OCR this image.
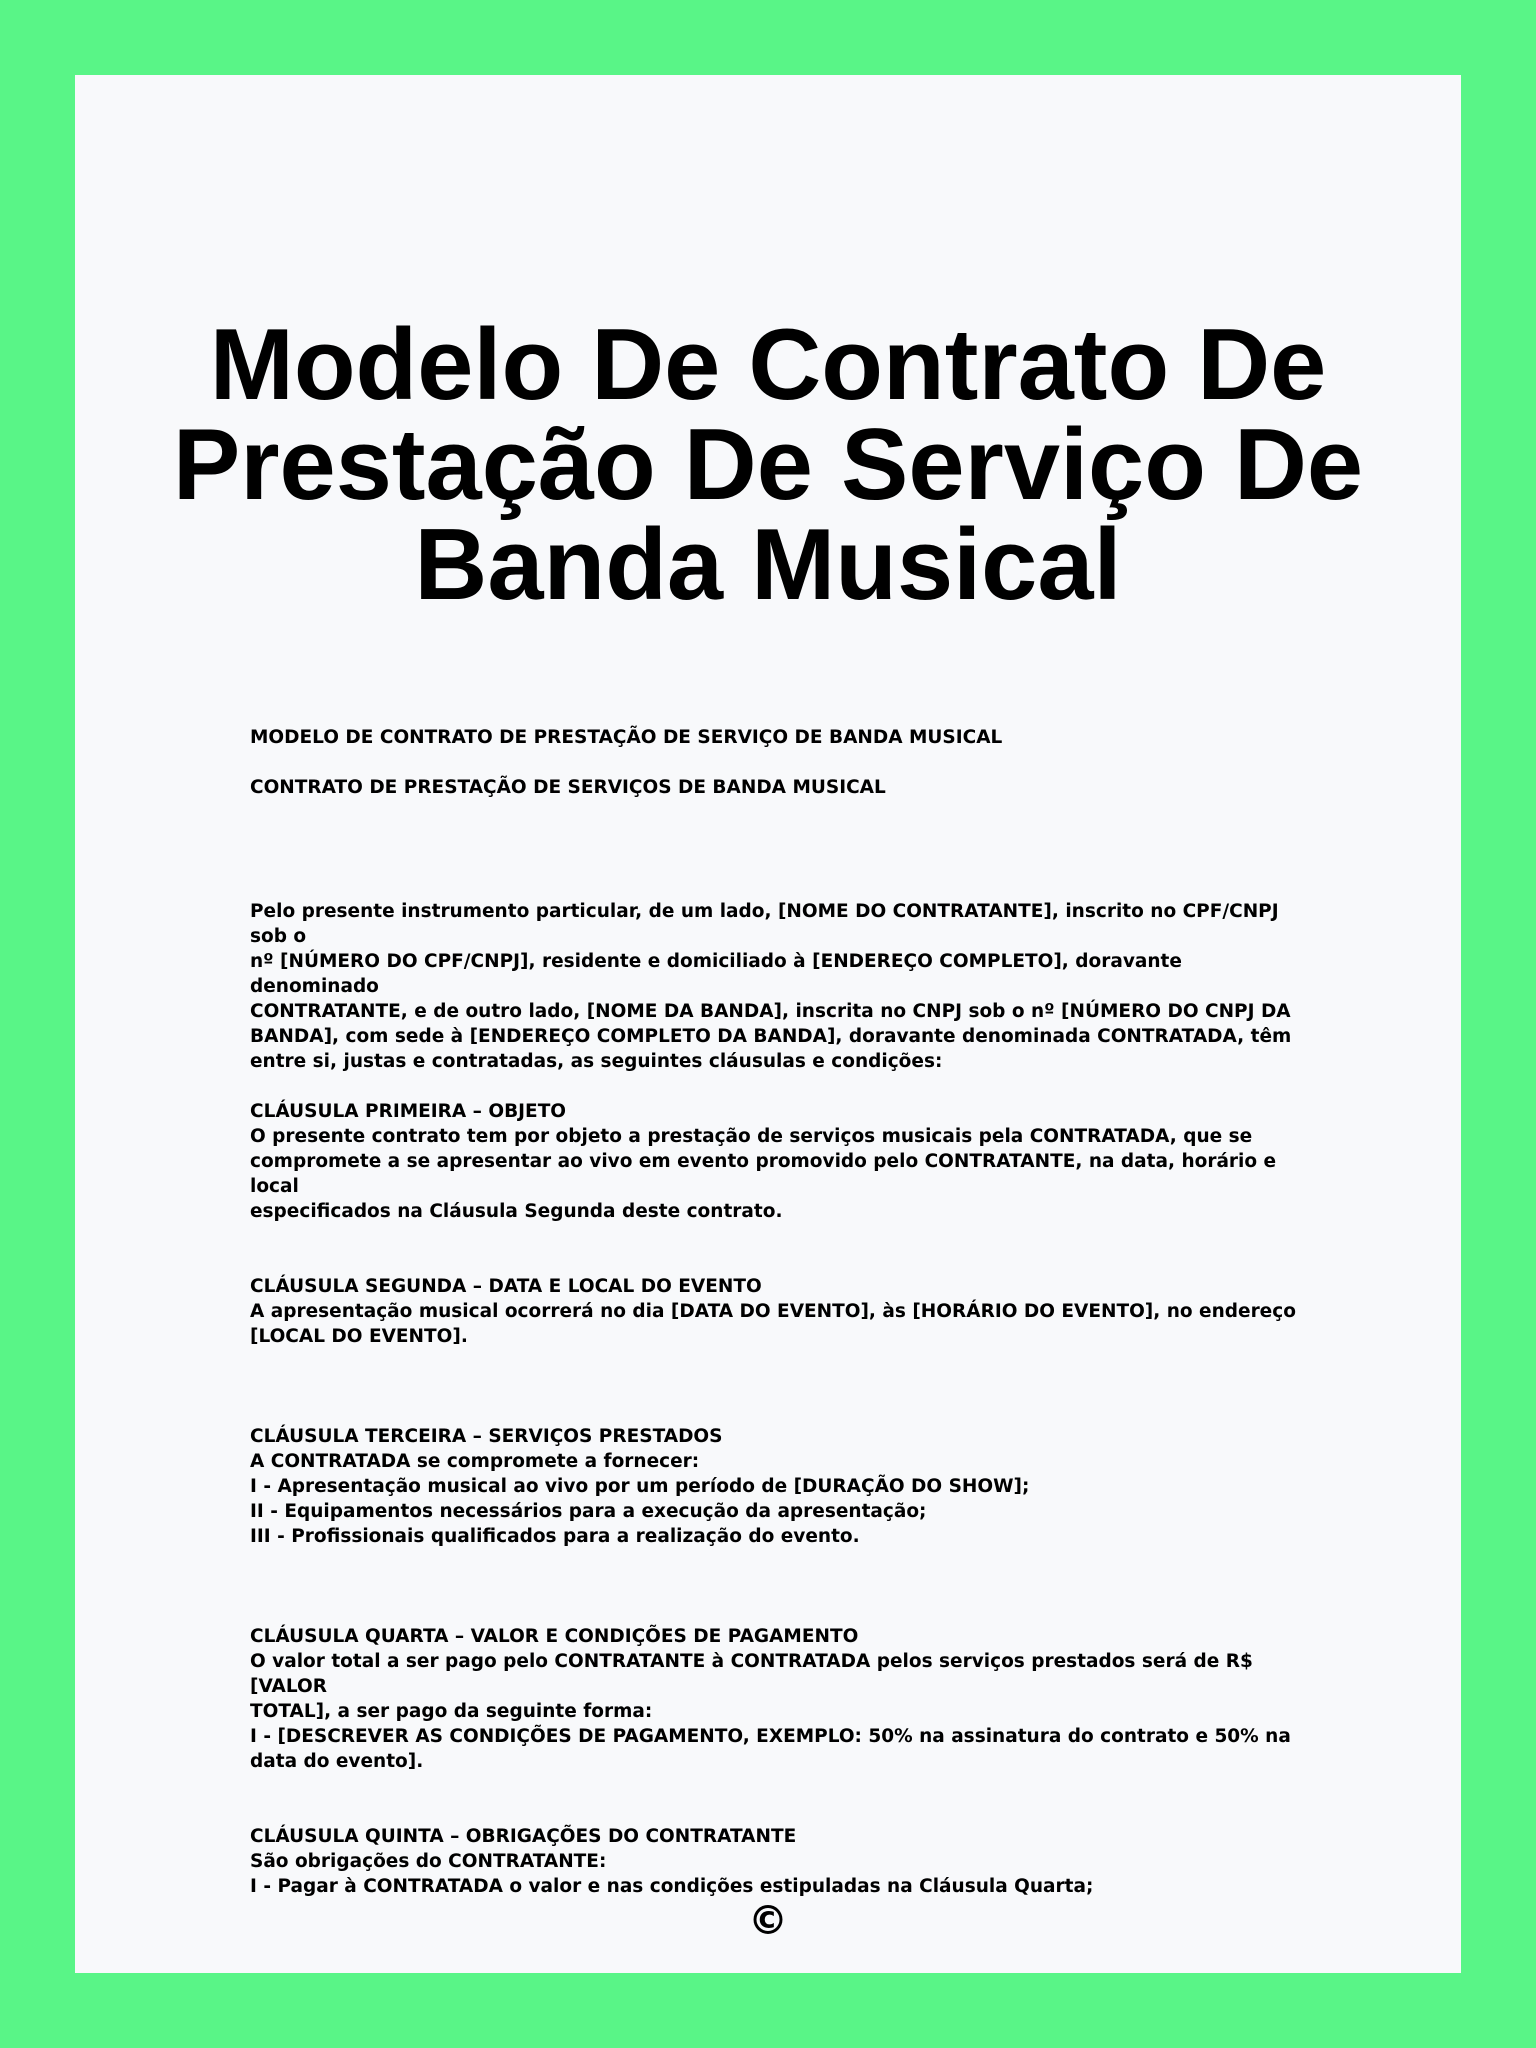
Modelo De Contrato De Prestação De Serviço De Banda Musical

MODELO DE CONTRATO DE PRESTAÇÃO DE SERVIÇO DE BANDA MUSICAL

CONTRATO DE PRESTAÇÃO DE SERVIÇOS DE BANDA MUSICAL

Pelo presente instrumento particular, de um lado, [NOME DO CONTRATANTE], inscrito no CPF/CNPJ sob o
nº [NÚMERO DO CPF/CNPJ], residente e domiciliado à [ENDEREÇO COMPLETO], doravante denominado
CONTRATANTE, e de outro lado, [NOME DA BANDA], inscrita no CNPJ sob o nº [NÚMERO DO CNPJ DA
BANDA], com sede à [ENDEREÇO COMPLETO DA BANDA], doravante denominada CONTRATADA, têm
entre si, justas e contratadas, as seguintes cláusulas e condições:
CLÁUSULA PRIMEIRA – OBJETO
O presente contrato tem por objeto a prestação de serviços musicais pela CONTRATADA, que se
compromete a se apresentar ao vivo em evento promovido pelo CONTRATANTE, na data, horário e local
especificados na Cláusula Segunda deste contrato.
CLÁUSULA SEGUNDA – DATA E LOCAL DO EVENTO
A apresentação musical ocorrerá no dia [DATA DO EVENTO], às [HORÁRIO DO EVENTO], no endereço
[LOCAL DO EVENTO].
CLÁUSULA TERCEIRA – SERVIÇOS PRESTADOS
A CONTRATADA se compromete a fornecer:
I - Apresentação musical ao vivo por um período de [DURAÇÃO DO SHOW];
II - Equipamentos necessários para a execução da apresentação;
III - Profissionais qualificados para a realização do evento.
CLÁUSULA QUARTA – VALOR E CONDIÇÕES DE PAGAMENTO
O valor total a ser pago pelo CONTRATANTE à CONTRATADA pelos serviços prestados será de R$ [VALOR
TOTAL], a ser pago da seguinte forma:
I - [DESCREVER AS CONDIÇÕES DE PAGAMENTO, EXEMPLO: 50% na assinatura do contrato e 50% na
data do evento].
CLÁUSULA QUINTA – OBRIGAÇÕES DO CONTRATANTE
São obrigações do CONTRATANTE:
I - Pagar à CONTRATADA o valor e nas condições estipuladas na Cláusula Quarta;
©
